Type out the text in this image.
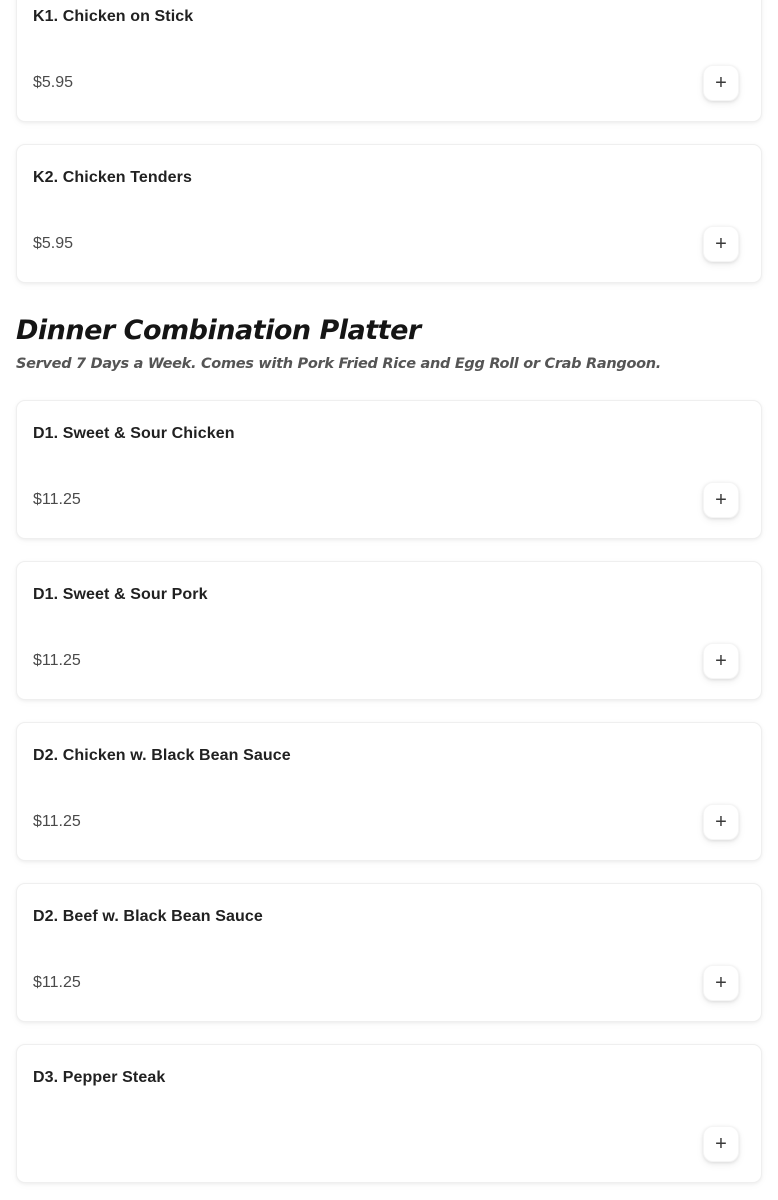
K1. Chicken on Stick
$5.95	+
K2. Chicken Tenders
$5.95	+
Dinner Combination Platter

Served 7 Days a Week. Comes with Pork Fried Rice and Egg Roll or Crab Rangoon.

D1. Sweet & Sour Chicken
$11.25	+
D1. Sweet & Sour Pork
$11.25	+
D2. Chicken w. Black Bean Sauce
$11.25	+
D2. Beef w. Black Bean Sauce
$11.25	+
D3. Pepper Steak
+
